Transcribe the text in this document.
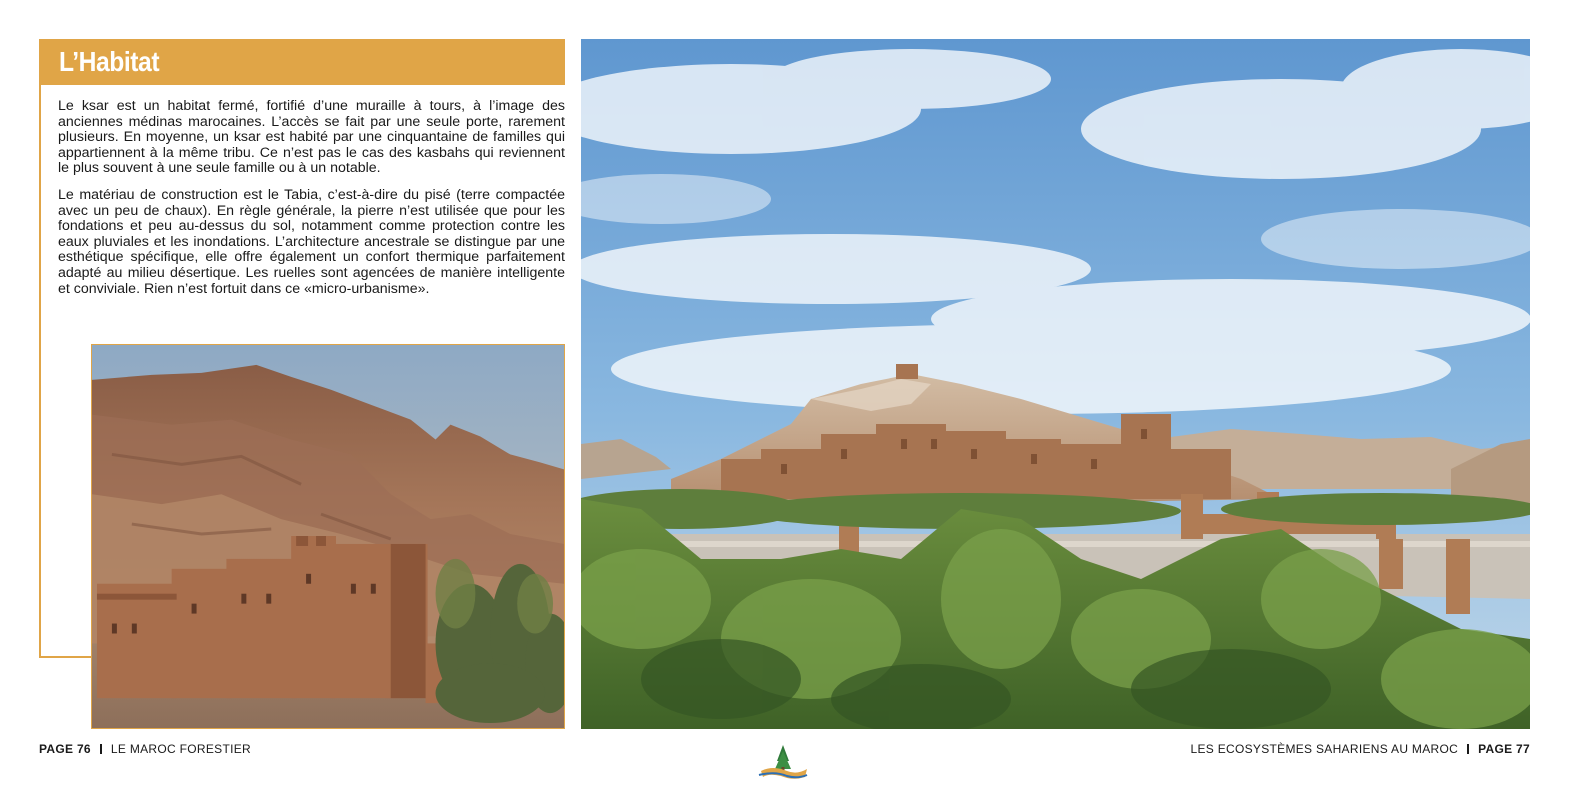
L’Habitat

Le ksar est un habitat fermé, fortifié d’une muraille à tours, à l’image des anciennes médinas marocaines. L’accès se fait par une seule porte, rarement plusieurs. En moyenne, un ksar est habité par une cinquantaine de familles qui appartiennent à la même tribu. Ce n’est pas le cas des kasbahs qui reviennent le plus souvent à une seule famille ou à un notable.

Le matériau de construction est le Tabia, c’est-à-dire du pisé (terre compactée avec un peu de chaux). En règle générale, la pierre n’est utilisée que pour les fondations et peu au-dessus du sol, notamment comme protection contre les eaux pluviales et les inondations. L’architecture ancestrale se distingue par une esthétique spécifique, elle offre également un confort thermique parfaitement adapté au milieu désertique. Les ruelles sont agencées de manière intelligente et conviviale. Rien n’est fortuit dans ce «micro-urbanisme».

PAGE 76 LE MAROC FORESTIER	LES ECOSYSTÈMES SAHARIENS AU MAROC PAGE 77
